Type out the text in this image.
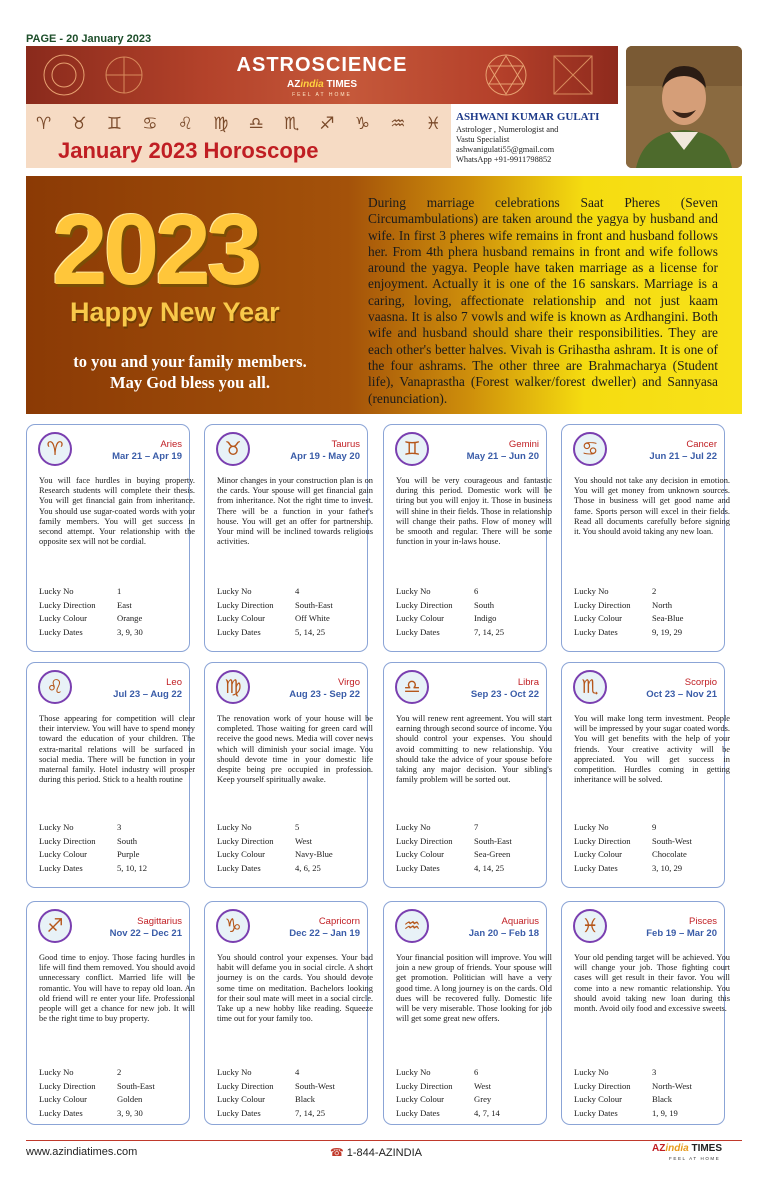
PAGE - 20 January 2023
ASTROSCIENCE
AZindia TIMES
FEEL AT HOME
♈ ♉ ♊ ♋ ♌ ♍ ♎ ♏ ♐ ♑ ♒ ♓
January 2023 Horoscope
ASHWANI KUMAR GULATI
Astrologer , Numerologist and
Vastu Specialist
ashwanigulati55@gmail.com
WhatsApp +91-9911798852
2023
Happy New Year
to you and your family members.
May God bless you all.
During marriage celebrations Saat Pheres (Seven Circumambulations) are taken around the yagya by husband and wife. In first 3 pheres wife remains in front and husband follows her. From 4th phera husband remains in front and wife follows around the yagya. People have taken marriage as a license for enjoyment. Actually it is one of the 16 sanskars. Marriage is a caring, loving, affectionate relationship and not just kaam vaasna. It is also 7 vowls and wife is known as Ardhangini. Both wife and husband should share their responsibilities. They are each other's better halves. Vivah is Grihastha ashram. It is one of the four ashrams. The other three are Brahmacharya (Student life), Vanaprastha (Forest walker/forest dweller) and Sannyasa (renunciation).
♈	Aries
Mar 21 – Apr 19
You will face hurdles in buying property. Research students will complete their thesis. You will get financial gain from inheritance. You should use sugar-coated words with your family members. You will get success in second attempt. Your relationship with the opposite sex will not be cordial.
Lucky No	1
Lucky Direction East
Lucky Colour	Orange
Lucky Dates	3, 9, 30
♉	Taurus
Apr 19 - May 20
Minor changes in your construction plan is on the cards. Your spouse will get financial gain from inheritance. Not the right time to invest. There will be a function in your father's house. You will get an offer for partnership. Your mind will be inclined towards religious activities.
Lucky No	4
Lucky Direction South-East
Lucky Colour	Off White
Lucky Dates	5, 14, 25
♊	Gemini
May 21 – Jun 20
You will be very courageous and fantastic during this period. Domestic work will be tiring but you will enjoy it. Those in business will shine in their fields. Those in relationship will change their paths. Flow of money will be smooth and regular. There will be some function in your in-laws house.
Lucky No	6
Lucky Direction South
Lucky Colour	Indigo
Lucky Dates	7, 14, 25
♋	Cancer
Jun 21 – Jul 22
You should not take any decision in emotion. You will get money from unknown sources. Those in business will get good name and fame. Sports person will excel in their fields. Read all documents carefully before signing it. You should avoid taking any new loan.
Lucky No	2
Lucky Direction North
Lucky Colour	Sea-Blue
Lucky Dates	9, 19, 29
♌	Leo
Jul 23 – Aug 22
Those appearing for competition will clear their interview. You will have to spend money toward the education of your children. The extra-marital relations will be surfaced in social media. There will be function in your maternal family. Hotel industry will prosper during this period. Stick to a health routine
Lucky No	3
Lucky Direction South
Lucky Colour	Purple
Lucky Dates	5, 10, 12
♍	Virgo
Aug 23 - Sep 22
The renovation work of your house will be completed. Those waiting for green card will receive the good news. Media will cover news which will diminish your social image. You should devote time in your domestic life despite being pre occupied in profession. Keep yourself spiritually awake.
Lucky No	5
Lucky Direction West
Lucky Colour	Navy-Blue
Lucky Dates	4, 6, 25
♎	Libra
Sep 23 - Oct 22
You will renew rent agreement. You will start earning through second source of income. You should control your expenses. You should avoid committing to new relationship. You should take the advice of your spouse before taking any major decision. Your sibling's family problem will be sorted out.
Lucky No	7
Lucky Direction South-East
Lucky Colour	Sea-Green
Lucky Dates	4, 14, 25
♏	Scorpio
Oct 23 – Nov 21
You will make long term investment. People will be impressed by your sugar coated words. You will get benefits with the help of your friends. Your creative activity will be appreciated. You will get success in competition. Hurdles coming in getting inheritance will be solved.
Lucky No	9
Lucky Direction South-West
Lucky Colour	Chocolate
Lucky Dates	3, 10, 29
♐	Sagittarius
Nov 22 – Dec 21
Good time to enjoy. Those facing hurdles in life will find them removed. You should avoid unnecessary conflict. Married life will be romantic. You will have to repay old loan. An old friend will re enter your life. Professional people will get a chance for new job. It will be the right time to buy property.
Lucky No	2
Lucky Direction South-East
Lucky Colour	Golden
Lucky Dates	3, 9, 30
♑	Capricorn
Dec 22 – Jan 19
You should control your expenses. Your bad habit will defame you in social circle. A short journey is on the cards. You should devote some time on meditation. Bachelors looking for their soul mate will meet in a social circle. Take up a new hobby like reading. Squeeze time out for your family too.
Lucky No	4
Lucky Direction South-West
Lucky Colour	Black
Lucky Dates	7, 14, 25
♒	Aquarius
Jan 20 – Feb 18
Your financial position will improve. You will join a new group of friends. Your spouse will get promotion. Politician will have a very good time. A long journey is on the cards. Old dues will be recovered fully. Domestic life will be very miserable. Those looking for job will get some great new offers.
Lucky No	6
Lucky Direction West
Lucky Colour	Grey
Lucky Dates	4, 7, 14
♓	Pisces
Feb 19 – Mar 20
Your old pending target will be achieved. You will change your job. Those fighting court cases will get result in their favor. You will come into a new romantic relationship. You should avoid taking new loan during this month. Avoid oily food and excessive sweets.
Lucky No	3
Lucky Direction North-West
Lucky Colour	Black
Lucky Dates	1, 9, 19
www.azindiatimes.com	☎ 1-844-AZINDIA	AZindia TIMES
FEEL AT HOME
